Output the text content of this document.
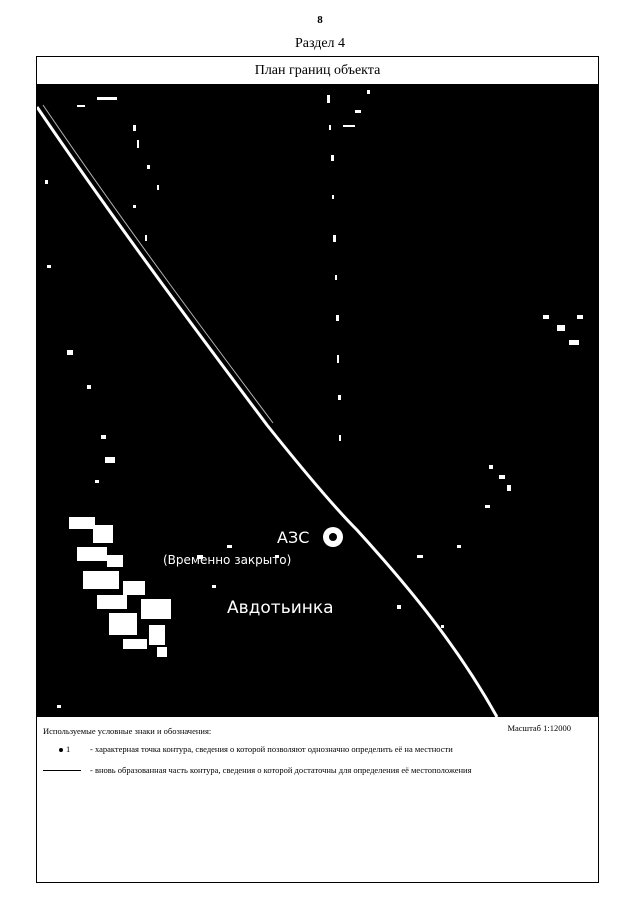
8
Раздел 4
План границ объекта
АЗС
(Временно закрыто)
Авдотьинка
Используемые условные знаки и обозначения:	Масштаб 1:12000
1	- характерная точка контура, сведения о которой позволяют однозначно определить её на местности
- вновь образованная часть контура, сведения о которой достаточны для определения её местоположения
